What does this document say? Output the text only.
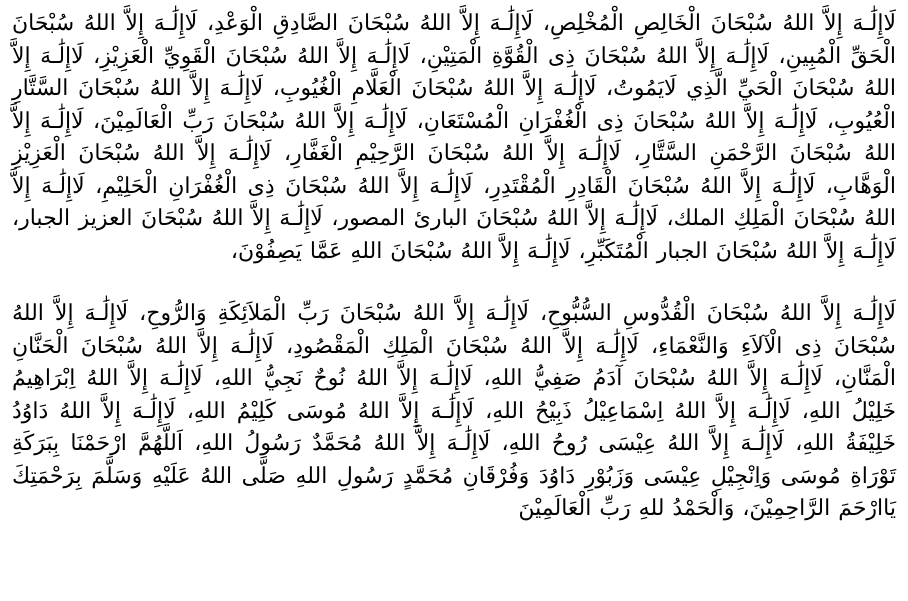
لَاإِلَٰـهَ إِلاَّ اللهُ سُبْحَانَ الْخَالِصِ الْمُخْلِصِ، لَاإِلَٰـهَ إِلاَّ اللهُ سُبْحَانَ الصَّادِقِ الْوَعْدِ، لَاإِلَٰـهَ إِلاَّ اللهُ سُبْحَانَ الْحَقِّ الْمُبِينِ، لَاإِلَٰـهَ إِلاَّ اللهُ سُبْحَانَ ذِى الْقُوَّةِ الْمَتِيْنِ، لَاإِلَٰـهَ إِلاَّ اللهُ سُبْحَانَ الْقَوِيِّ الْعَزِيْزِ، لَاإِلَٰـهَ إِلاَّ اللهُ سُبْحَانَ الْحَيِّ الَّذِي لَايَمُوتُ، لَاإِلَٰـهَ إِلاَّ اللهُ سُبْحَانَ الْعَلَّامِ الْغُيُوبِ، لَاإِلَٰـهَ إِلاَّ اللهُ سُبْحَانَ السَّتَّارِ الْعُيُوبِ، لَاإِلَٰـهَ إِلاَّ اللهُ سُبْحَانَ ذِى الْغُفْرَانِ الْمُسْتَعَانِ، لَاإِلَٰـهَ إِلاَّ اللهُ سُبْحَانَ رَبِّ الْعَالَمِيْنَ، لَاإِلَٰـهَ إِلاَّ اللهُ سُبْحَانَ الرَّحْمَنِ السَّتَّارِ، لَاإِلَٰـهَ إِلاَّ اللهُ سُبْحَانَ الرَّحِيْمِ الْغَفَّارِ، لَاإِلَٰـهَ إِلاَّ اللهُ سُبْحَانَ الْعَزِيْزِ الْوَهَّابِ، لَاإِلَٰـهَ إِلاَّ اللهُ سُبْحَانَ الْقَادِرِ الْمُقْتَدِرِ، لَاإِلَٰـهَ إِلاَّ اللهُ سُبْحَانَ ذِى الْغُفْرَانِ الْحَلِيْمِ، لَاإِلَٰـهَ إِلاَّ اللهُ سُبْحَانَ الْمَلِكِ الملك، لَاإِلَٰـهَ إِلاَّ اللهُ سُبْحَانَ البارئ المصور، لَاإِلَٰـهَ إِلاَّ اللهُ سُبْحَانَ العزيز الجبار، لَاإِلَٰـهَ إِلاَّ اللهُ سُبْحَانَ الجبار الْمُتَكَبِّرِ، لَاإِلَٰـهَ إِلاَّ اللهُ سُبْحَانَ اللهِ عَمَّا يَصِفُوْنَ،

لَاإِلَٰـهَ إِلاَّ اللهُ سُبْحَانَ الْقُدُّوسِ السُّبُّوحِ، لَاإِلَٰـهَ إِلاَّ اللهُ سُبْحَانَ رَبِّ الْمَلاَئِكَةِ وَالرُّوحِ، لَاإِلَٰـهَ إِلاَّ اللهُ سُبْحَانَ ذِى الْآلاَءِ وَالنَّعْمَاءِ، لَاإِلَٰـهَ إِلاَّ اللهُ سُبْحَانَ الْمَلِكِ الْمَقْصُودِ، لَاإِلَٰـهَ إِلاَّ اللهُ سُبْحَانَ الْحَنَّانِ الْمَنَّانِ، لَاإِلَٰـهَ إِلاَّ اللهُ سُبْحَانَ آدَمُ صَفِيُّ اللهِ، لَاإِلَٰـهَ إِلاَّ اللهُ نُوحٌ نَجِيُّ اللهِ، لَاإِلَٰـهَ إِلاَّ اللهُ اِبْرَاهِيمُ خَلِيْلُ اللهِ، لَاإِلَٰـهَ إِلاَّ اللهُ اِسْمَاعِيْلُ ذَبِيْحُ اللهِ، لَاإِلَٰـهَ إِلاَّ اللهُ مُوسَى كَلِيْمُ اللهِ، لَاإِلَٰـهَ إِلاَّ اللهُ دَاوُدُ خَلِيْفَةُ اللهِ، لَاإِلَٰـهَ إِلاَّ اللهُ عِيْسَى رُوحُ اللهِ، لَاإِلَٰـهَ إِلاَّ اللهُ مُحَمَّدٌ رَسُولُ اللهِ، اَللَّهُمَّ ارْحَمْنَا بِبَرَكَةِ تَوْرَاةِ مُوسَى وَاِنْجِيْلِ عِيْسَى وَزَبُوْرِ دَاوُدَ وَفُرْقَانِ مُحَمَّدٍ رَسُولِ اللهِ صَلَّى اللهُ عَلَيْهِ وَسَلَّمَ بِرَحْمَتِكَ يَاارْحَمَ الرَّاحِمِيْنَ، وَالْحَمْدُ للهِ رَبِّ الْعَالَمِيْنَ
